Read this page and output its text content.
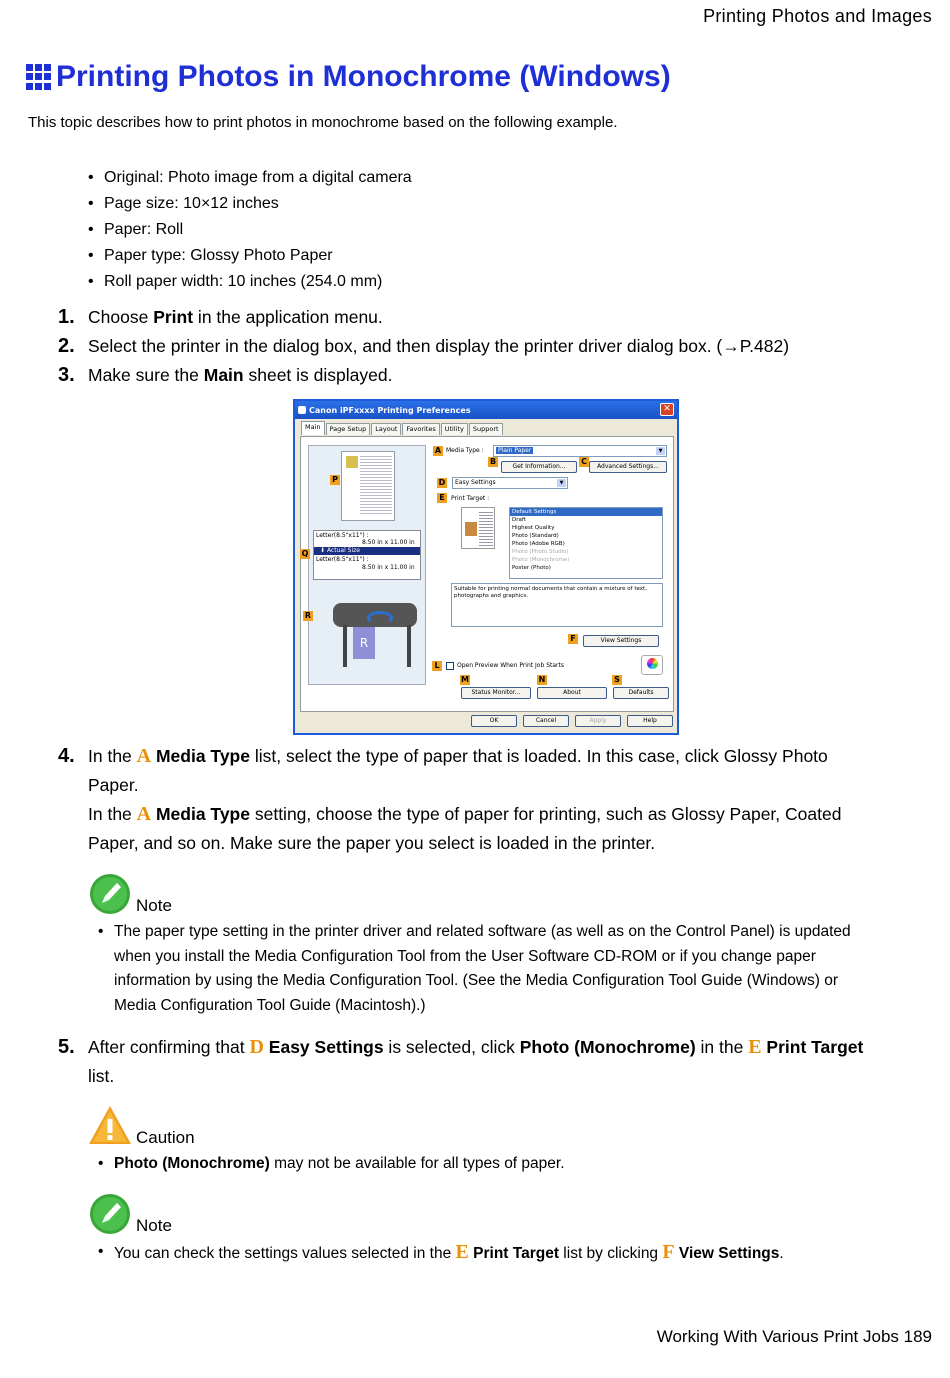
Printing Photos and Images
Printing Photos in Monochrome (Windows)
This topic describes how to print photos in monochrome based on the following example.
• Original: Photo image from a digital camera
• Page size: 10×12 inches
• Paper: Roll
• Paper type: Glossy Photo Paper
• Roll paper width: 10 inches (254.0 mm)
1. Choose Print in the application menu.
2. Select the printer in the dialog box, and then display the printer driver dialog box. (→P.482)
3. Make sure the Main sheet is displayed.
Canon iPFxxxx Printing Preferences	✕
Main	Page Setup	Layout	Favorites	Utility	Support
P
Letter(8.5"x11") :
8.50 in x 11.00 in
⬇ Actual Size
Letter(8.5"x11") :
8.50 in x 11.00 in
Q
R
R
A Media Type :	Plain Paper	▼
B
Get Information...
C
Advanced Settings...
D	Easy Settings	▼
E	Print Target :
Default Settings
Draft
Highest Quality
Photo (Standard)
Photo (Adobe RGB)
Photo (Photo Studio)
Photo (Monochrome)
Poster (Photo)
Suitable for printing normal documents that contain a mixture of text, photographs and graphics.
F	View Settings
L	Open Preview When Print Job Starts
M	N	S
Status Monitor...	About	Defaults
OK	Cancel	Apply	Help
4. In the A Media Type list, select the type of paper that is loaded. In this case, click Glossy Photo Paper.
In the A Media Type setting, choose the type of paper for printing, such as Glossy Paper, Coated Paper, and so on. Make sure the paper you select is loaded in the printer.
Note
• The paper type setting in the printer driver and related software (as well as on the Control Panel) is updated when you install the Media Configuration Tool from the User Software CD-ROM or if you change paper information by using the Media Configuration Tool. (See the Media Configuration Tool Guide (Windows) or Media Configuration Tool Guide (Macintosh).)
5. After confirming that D Easy Settings is selected, click Photo (Monochrome) in the E Print Target list.
Caution
• Photo (Monochrome) may not be available for all types of paper.
Note
• You can check the settings values selected in the E Print Target list by clicking F View Settings.
Working With Various Print Jobs 189
